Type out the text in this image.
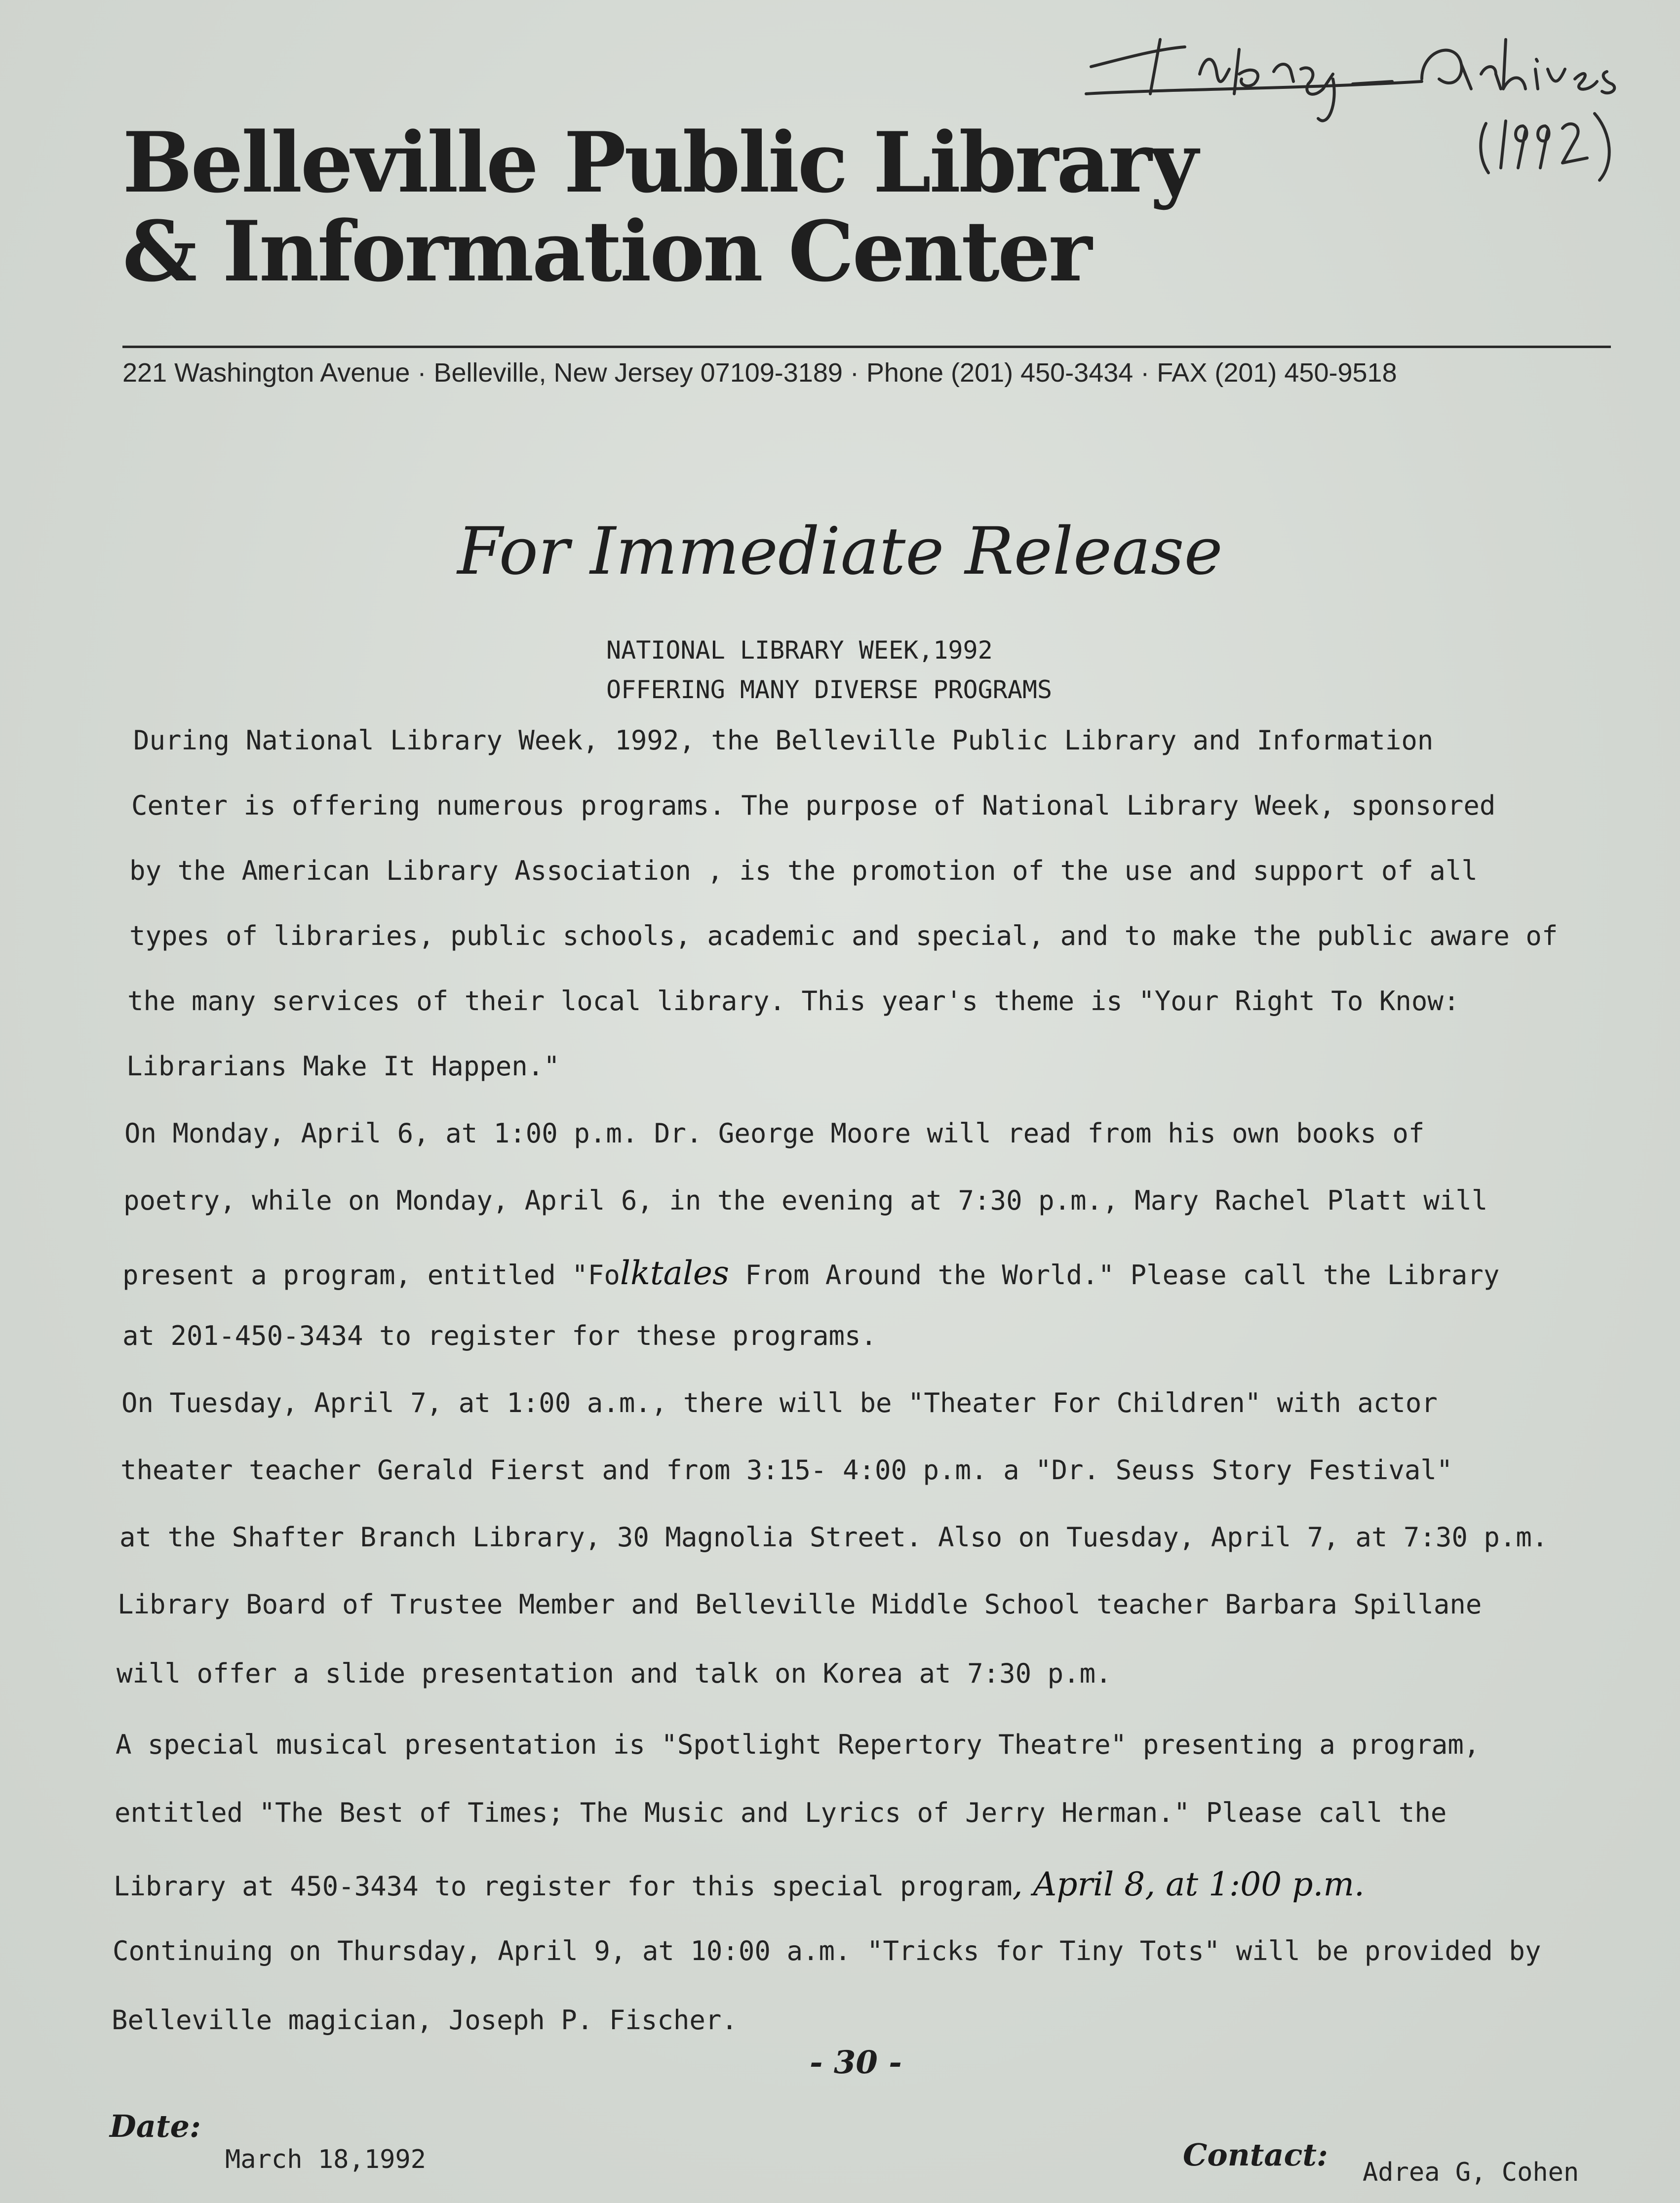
Belleville Public Library
& Information Center
221 Washington Avenue · Belleville, New Jersey 07109-3189 · Phone (201) 450-3434 · FAX (201) 450-9518
For Immediate Release
NATIONAL LIBRARY WEEK,1992
OFFERING MANY DIVERSE PROGRAMS
During National Library Week, 1992, the Belleville Public Library and Information
Center is offering numerous programs. The purpose of National Library Week, sponsored
by the American Library Association , is the promotion of the use and support of all
types of libraries, public schools, academic and special, and to make the public aware of
the many services of their local library. This year's theme is "Your Right To Know:
Librarians Make It Happen."
On Monday, April 6, at 1:00 p.m. Dr. George Moore will read from his own books of
poetry, while on Monday, April 6, in the evening at 7:30 p.m., Mary Rachel Platt will
present a program, entitled "Folktales From Around the World." Please call the Library
at 201-450-3434 to register for these programs.
On Tuesday, April 7, at 1:00 a.m., there will be "Theater For Children" with actor
theater teacher Gerald Fierst and from 3:15- 4:00 p.m. a "Dr. Seuss Story Festival"
at the Shafter Branch Library, 30 Magnolia Street. Also on Tuesday, April 7, at 7:30 p.m.
Library Board of Trustee Member and Belleville Middle School teacher Barbara Spillane
will offer a slide presentation and talk on Korea at 7:30 p.m.
A special musical presentation is "Spotlight Repertory Theatre" presenting a program,
entitled "The Best of Times; The Music and Lyrics of Jerry Herman." Please call the
Library at 450-3434 to register for this special program, April 8, at 1:00 p.m.
Continuing on Thursday, April 9, at 10:00 a.m. "Tricks for Tiny Tots" will be provided by
Belleville magician, Joseph P. Fischer.
- 30 -
Date:
March 18,1992	Contact: Adrea G, Cohen
